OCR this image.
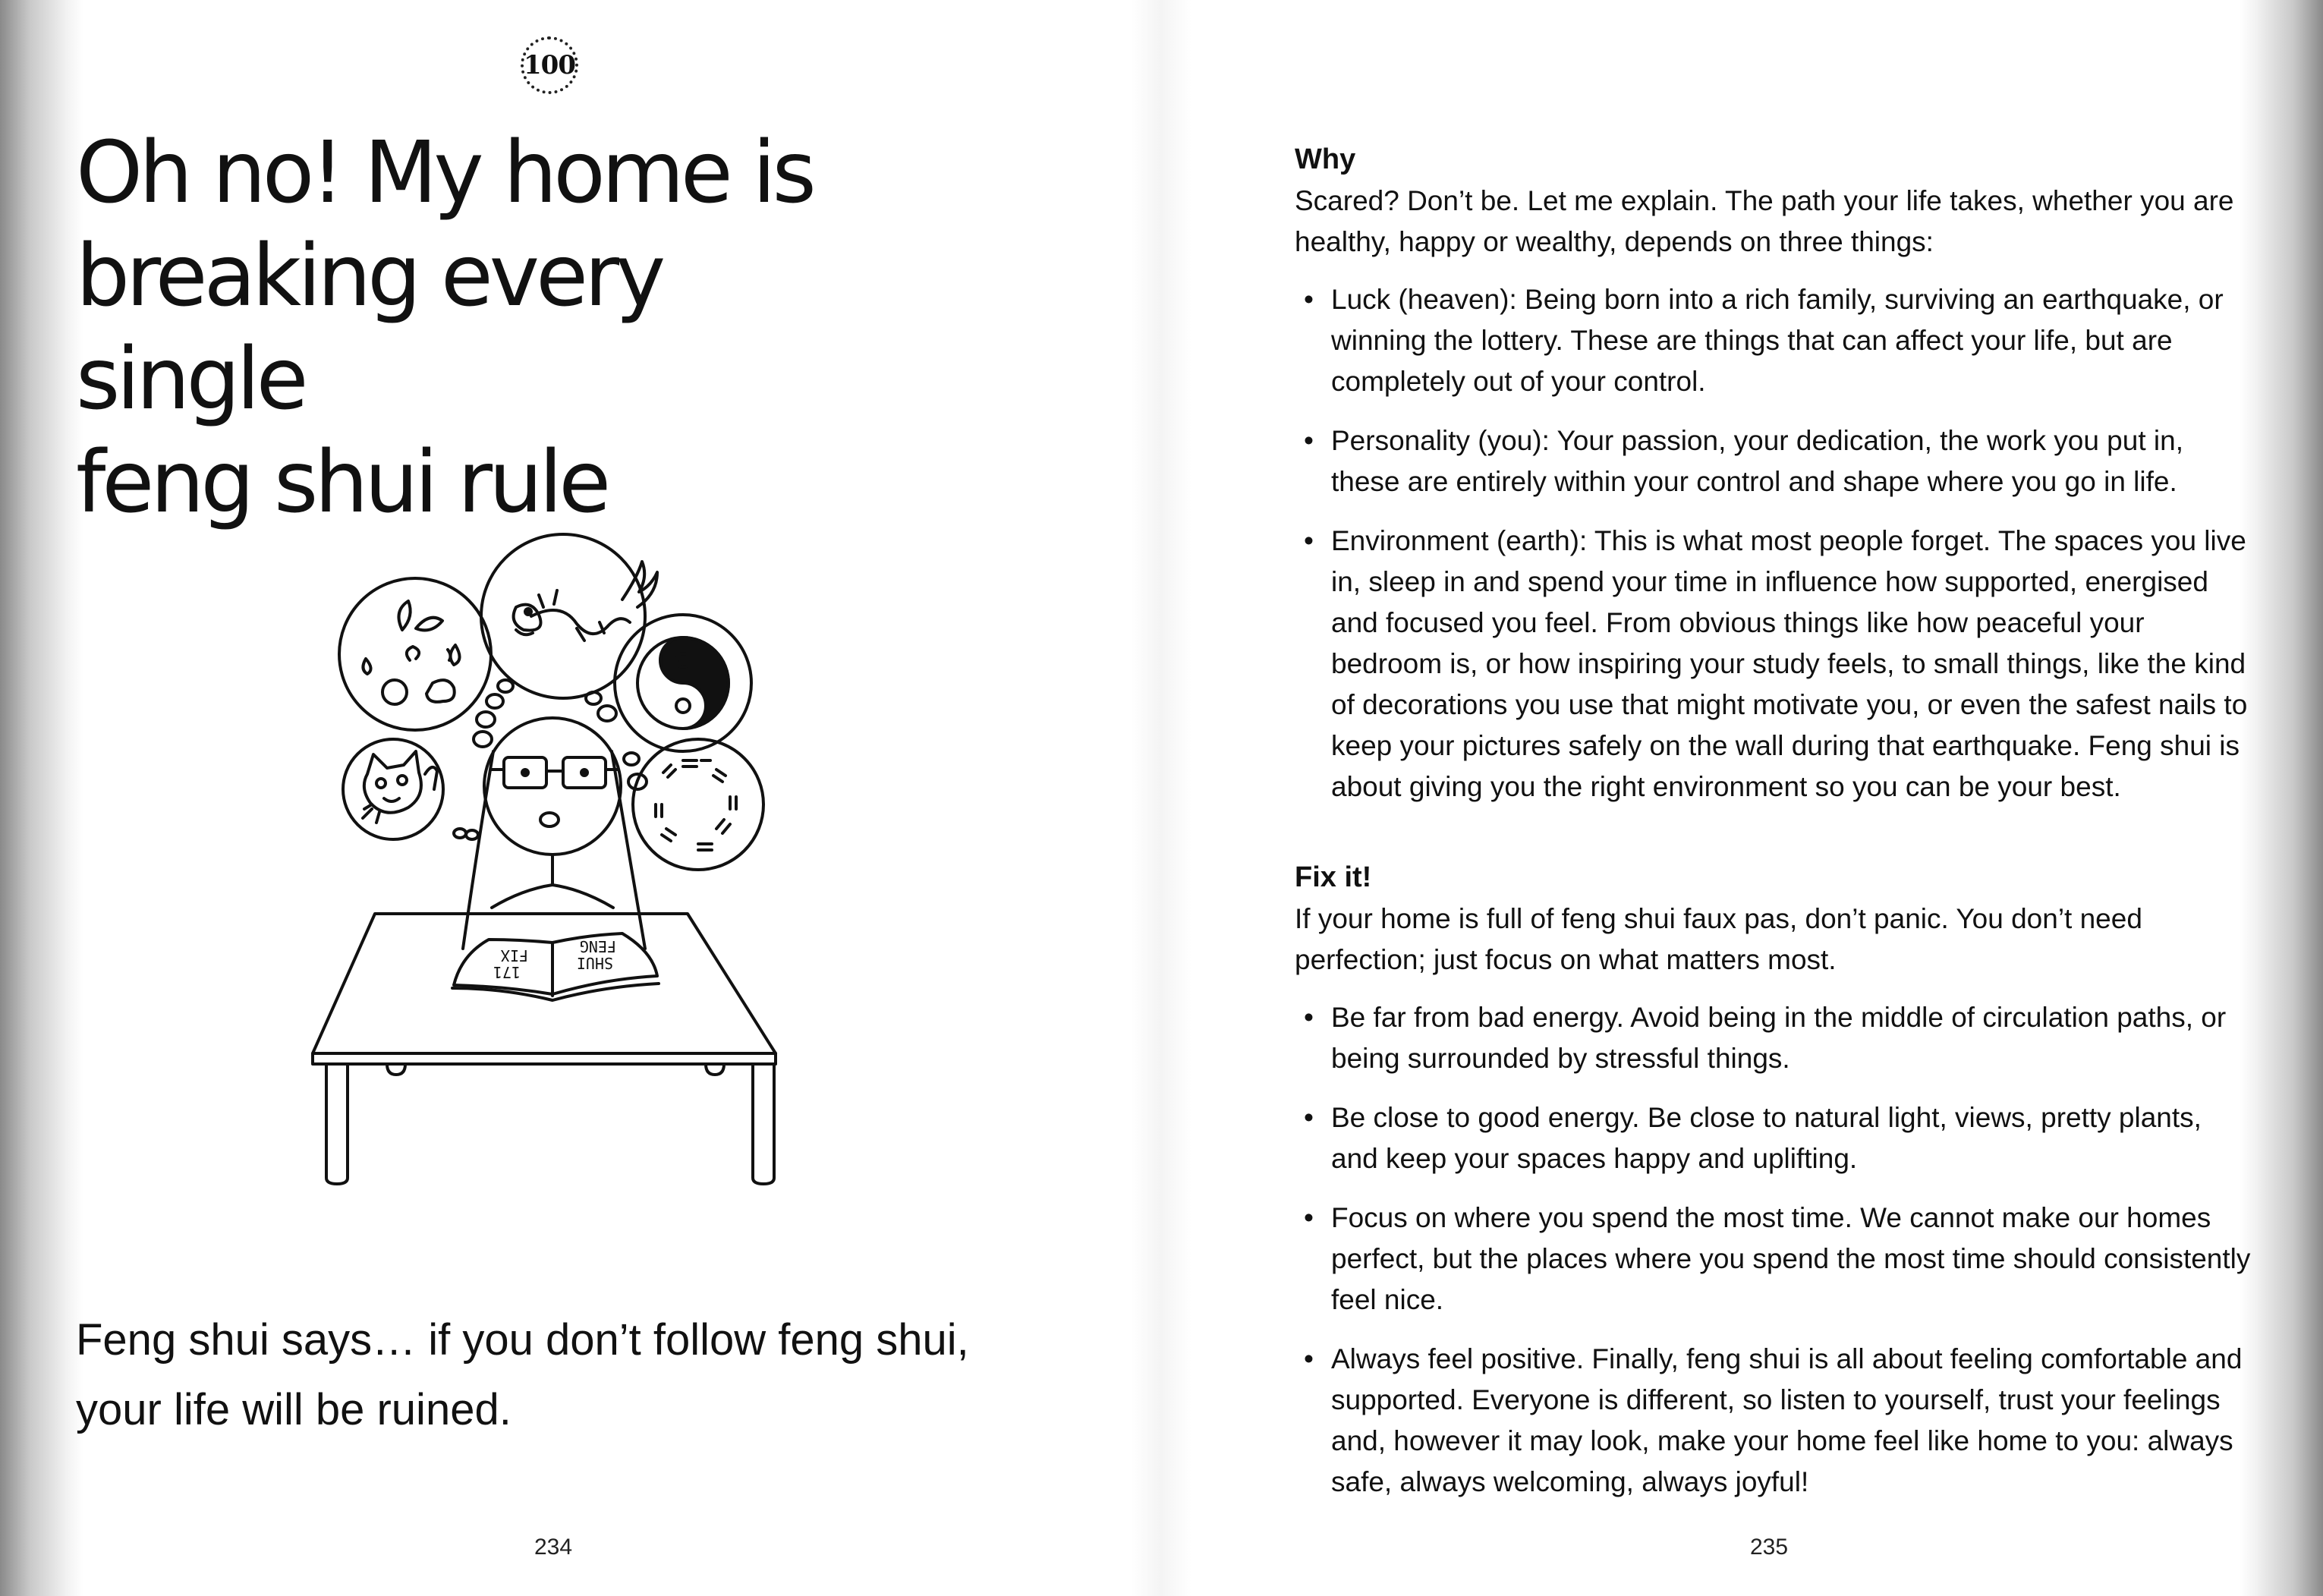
100
Oh no! My home is
breaking every single
feng shui rule
FIX
171
FENG
SHUI

Feng shui says… if you don’t follow feng shui,
your life will be ruined.

234
Why

Scared? Don’t be. Let me explain. The path your life takes, whether you are healthy, happy or wealthy, depends on three things:

• Luck (heaven): Being born into a rich family, surviving an earthquake, or winning the lottery. These are things that can affect your life, but are completely out of your control.
• Personality (you): Your passion, your dedication, the work you put in, these are entirely within your control and shape where you go in life.
• Environment (earth): This is what most people forget. The spaces you live in, sleep in and spend your time in influence how supported, energised and focused you feel. From obvious things like how peaceful your bedroom is, or how inspiring your study feels, to small things, like the kind of decorations you use that might motivate you, or even the safest nails to keep your pictures safely on the wall during that earthquake. Feng shui is about giving you the right environment so you can be your best.
Fix it!

If your home is full of feng shui faux pas, don’t panic. You don’t need perfection; just focus on what matters most.

• Be far from bad energy. Avoid being in the middle of circulation paths, or being surrounded by stressful things.
• Be close to good energy. Be close to natural light, views, pretty plants, and keep your spaces happy and uplifting.
• Focus on where you spend the most time. We cannot make our homes perfect, but the places where you spend the most time should consistently feel nice.
• Always feel positive. Finally, feng shui is all about feeling comfortable and supported. Everyone is different, so listen to yourself, trust your feelings and, however it may look, make your home feel like home to you: always safe, always welcoming, always joyful!
235
